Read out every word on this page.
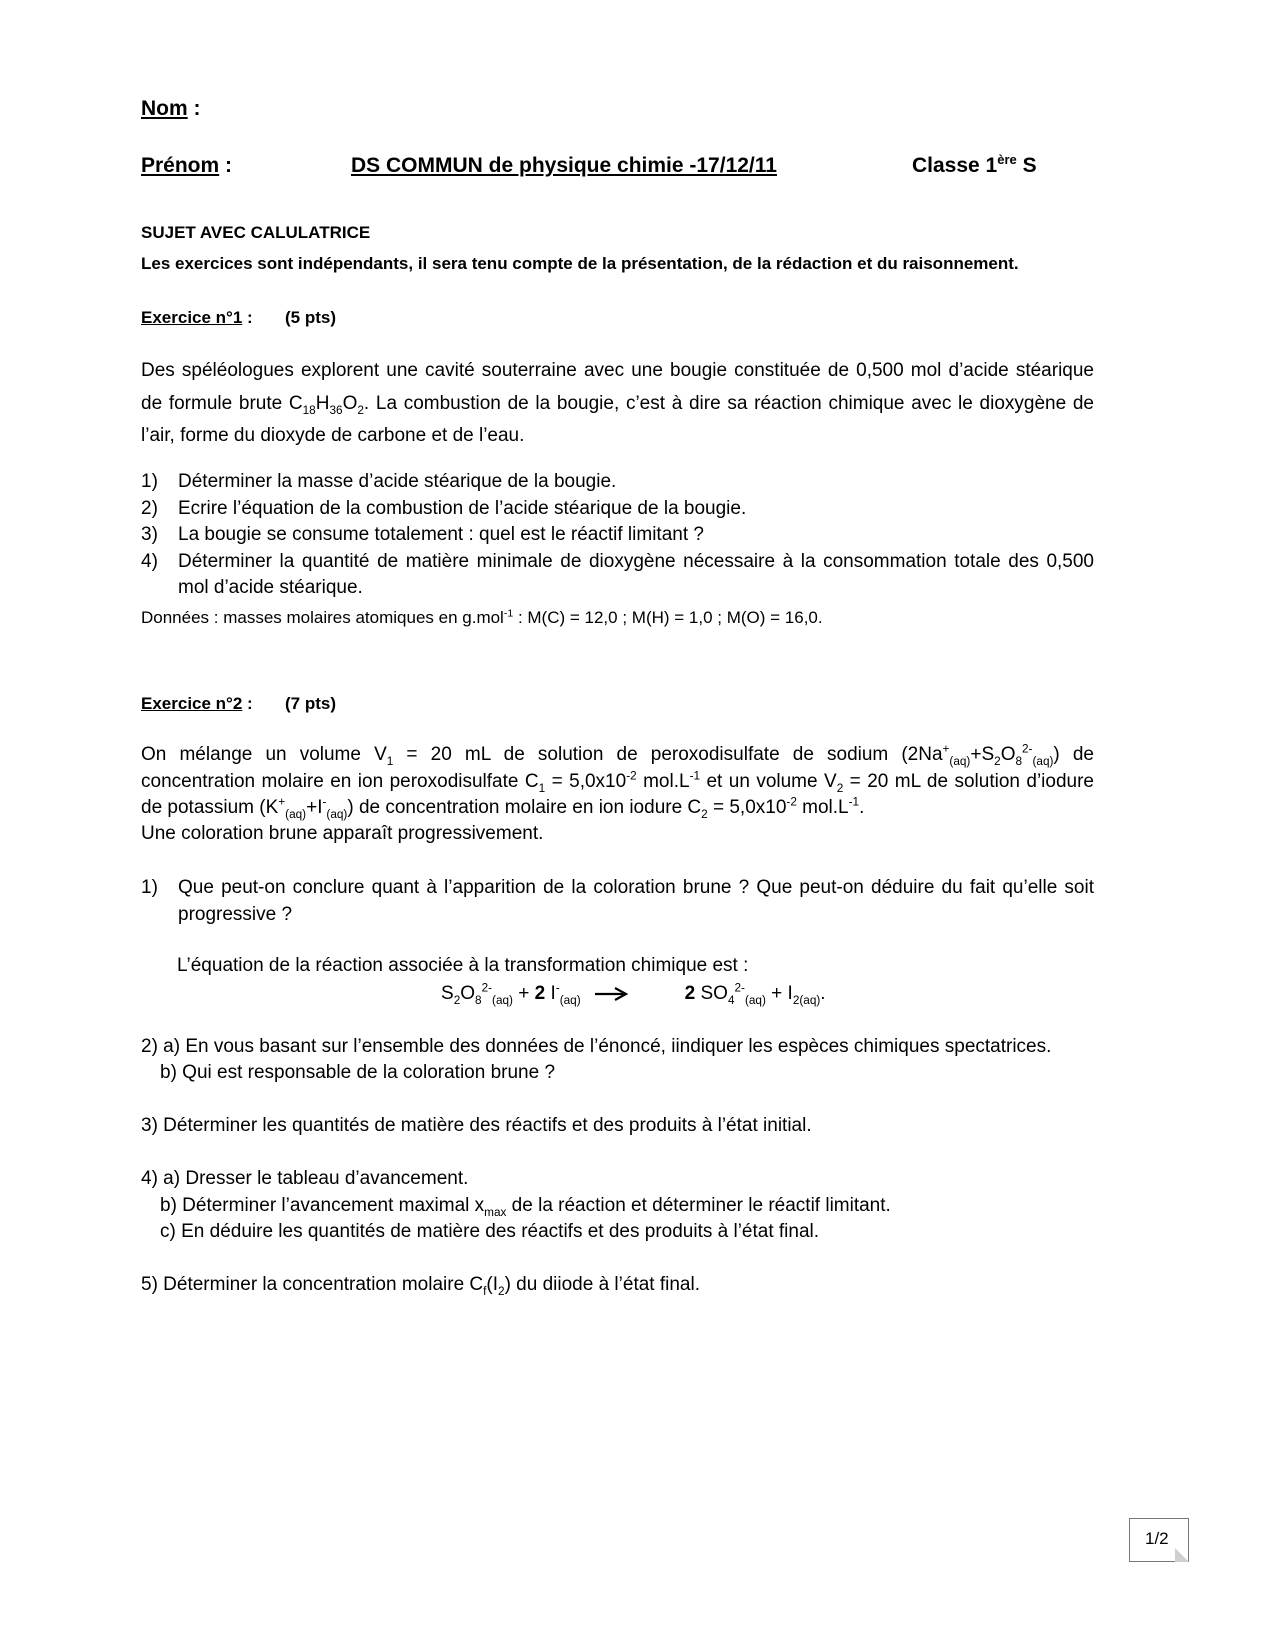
Nom :
Prénom :	DS COMMUN de physique chimie -17/12/11	Classe 1ère S
SUJET AVEC CALULATRICE
Les exercices sont indépendants, il sera tenu compte de la présentation, de la rédaction et du raisonnement.
Exercice n°1 : (5 pts)
Des spéléologues explorent une cavité souterraine avec une bougie constituée de 0,500 mol d’acide stéarique de formule brute $C_{18}H_{36}O_2$. La combustion de la bougie, c’est à dire sa réaction chimique avec le dioxygène de l’air, forme du dioxyde de carbone et de l’eau.
1)	Déterminer la masse d’acide stéarique de la bougie.
2)	Ecrire l’équation de la combustion de l’acide stéarique de la bougie.
3)	La bougie se consume totalement : quel est le réactif limitant ?
4)	Déterminer la quantité de matière minimale de dioxygène nécessaire à la consommation totale des 0,500 mol d’acide stéarique.
Données : masses molaires atomiques en g.mol$^{-1}$ : M(C) = 12,0 ; M(H) = 1,0 ; M(O) = 16,0.
Exercice n°2 : (7 pts)
On mélange un volume $V_1 = 20$ mL de solution de peroxodisulfate de sodium $(2Na^+_{(aq)}+S_2O_8^{2-}_{(aq)})$ de concentration molaire en ion peroxodisulfate $C_1 = 5,0x10^{-2}$ $mol.L^{-1}$ et un volume $V_2 = 20$ mL de solution d’iodure de potassium $(K^+_{(aq)}+I^-_{(aq)})$ de concentration molaire en ion iodure $C_2 = 5,0x10^{-2}$ $mol.L^{-1}$.
Une coloration brune apparaît progressivement.
1)	Que peut-on conclure quant à l’apparition de la coloration brune ? Que peut-on déduire du fait qu’elle soit progressive ?
L’équation de la réaction associée à la transformation chimique est :
$S_2O_8^{2-}_{(aq)} + 2$ $I^-_{(aq)}$ →	2 $SO_4^{2-}_{(aq)} + I_{2(aq)}$.
2) a) En vous basant sur l’ensemble des données de l’énoncé, iindiquer les espèces chimiques spectatrices.
b) Qui est responsable de la coloration brune ?
3) Déterminer les quantités de matière des réactifs et des produits à l’état initial.
4) a) Dresser le tableau d’avancement.
b) Déterminer l’avancement maximal $x_{max}$ de la réaction et déterminer le réactif limitant.
c) En déduire les quantités de matière des réactifs et des produits à l’état final.
5) Déterminer la concentration molaire $C_f(I_2)$ du diiode à l’état final.
1/2
